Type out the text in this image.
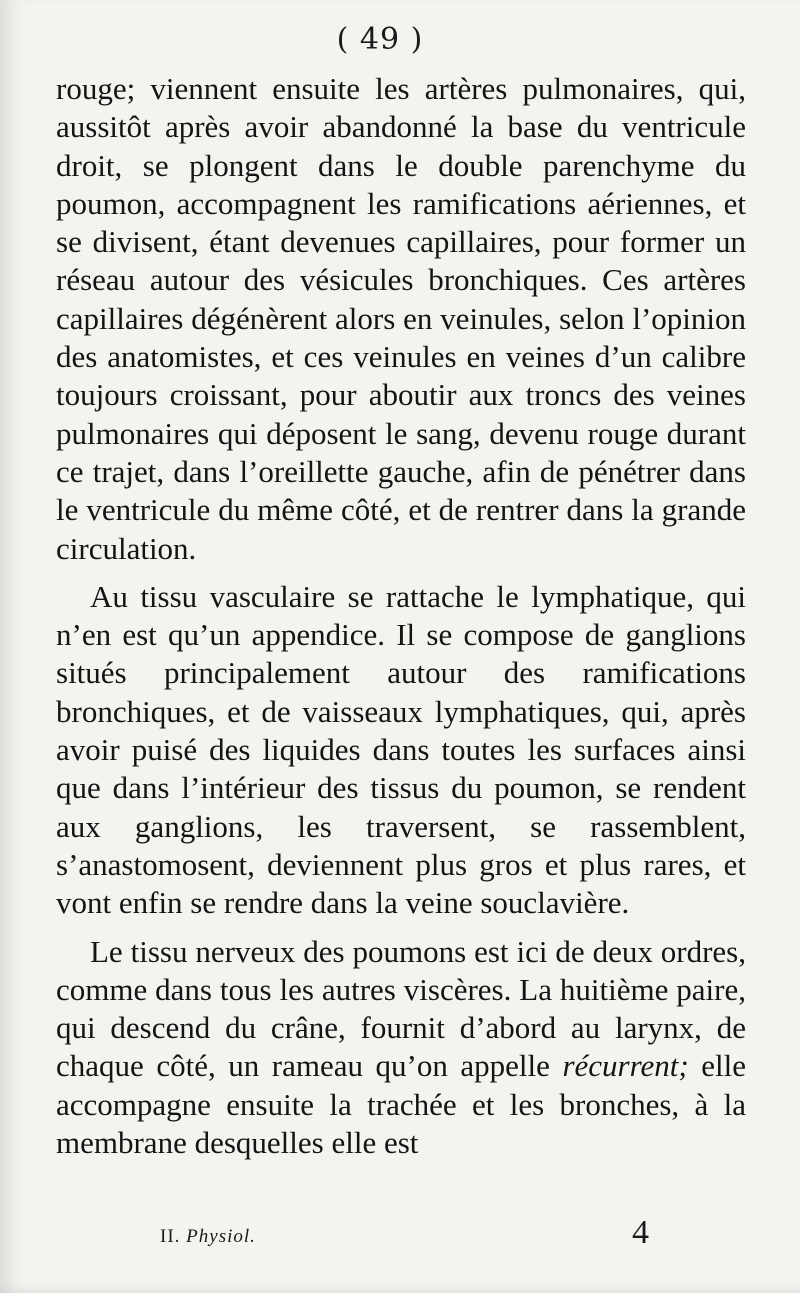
( 49 )

rouge; viennent ensuite les artères pulmonaires, qui, aussitôt après avoir abandonné la base du ventricule droit, se plongent dans le double parenchyme du poumon, accompagnent les ramifications aériennes, et se divisent, étant devenues capillaires, pour former un réseau autour des vésicules bronchiques. Ces artères capillaires dégénèrent alors en veinules, selon l’opinion des anatomistes, et ces veinules en veines d’un calibre toujours croissant, pour aboutir aux troncs des veines pulmonaires qui déposent le sang, devenu rouge durant ce trajet, dans l’oreillette gauche, afin de pénétrer dans le ventricule du même côté, et de rentrer dans la grande circulation.

Au tissu vasculaire se rattache le lymphatique, qui n’en est qu’un appendice. Il se compose de ganglions situés principalement autour des ramifications bronchiques, et de vaisseaux lymphatiques, qui, après avoir puisé des liquides dans toutes les surfaces ainsi que dans l’intérieur des tissus du poumon, se rendent aux ganglions, les traversent, se rassemblent, s’anastomosent, deviennent plus gros et plus rares, et vont enfin se rendre dans la veine souclavière.

Le tissu nerveux des poumons est ici de deux ordres, comme dans tous les autres viscères. La huitième paire, qui descend du crâne, fournit d’abord au larynx, de chaque côté, un rameau qu’on appelle récurrent; elle accompagne ensuite la trachée et les bronches, à la membrane desquelles elle est

II. Physiol.	4
